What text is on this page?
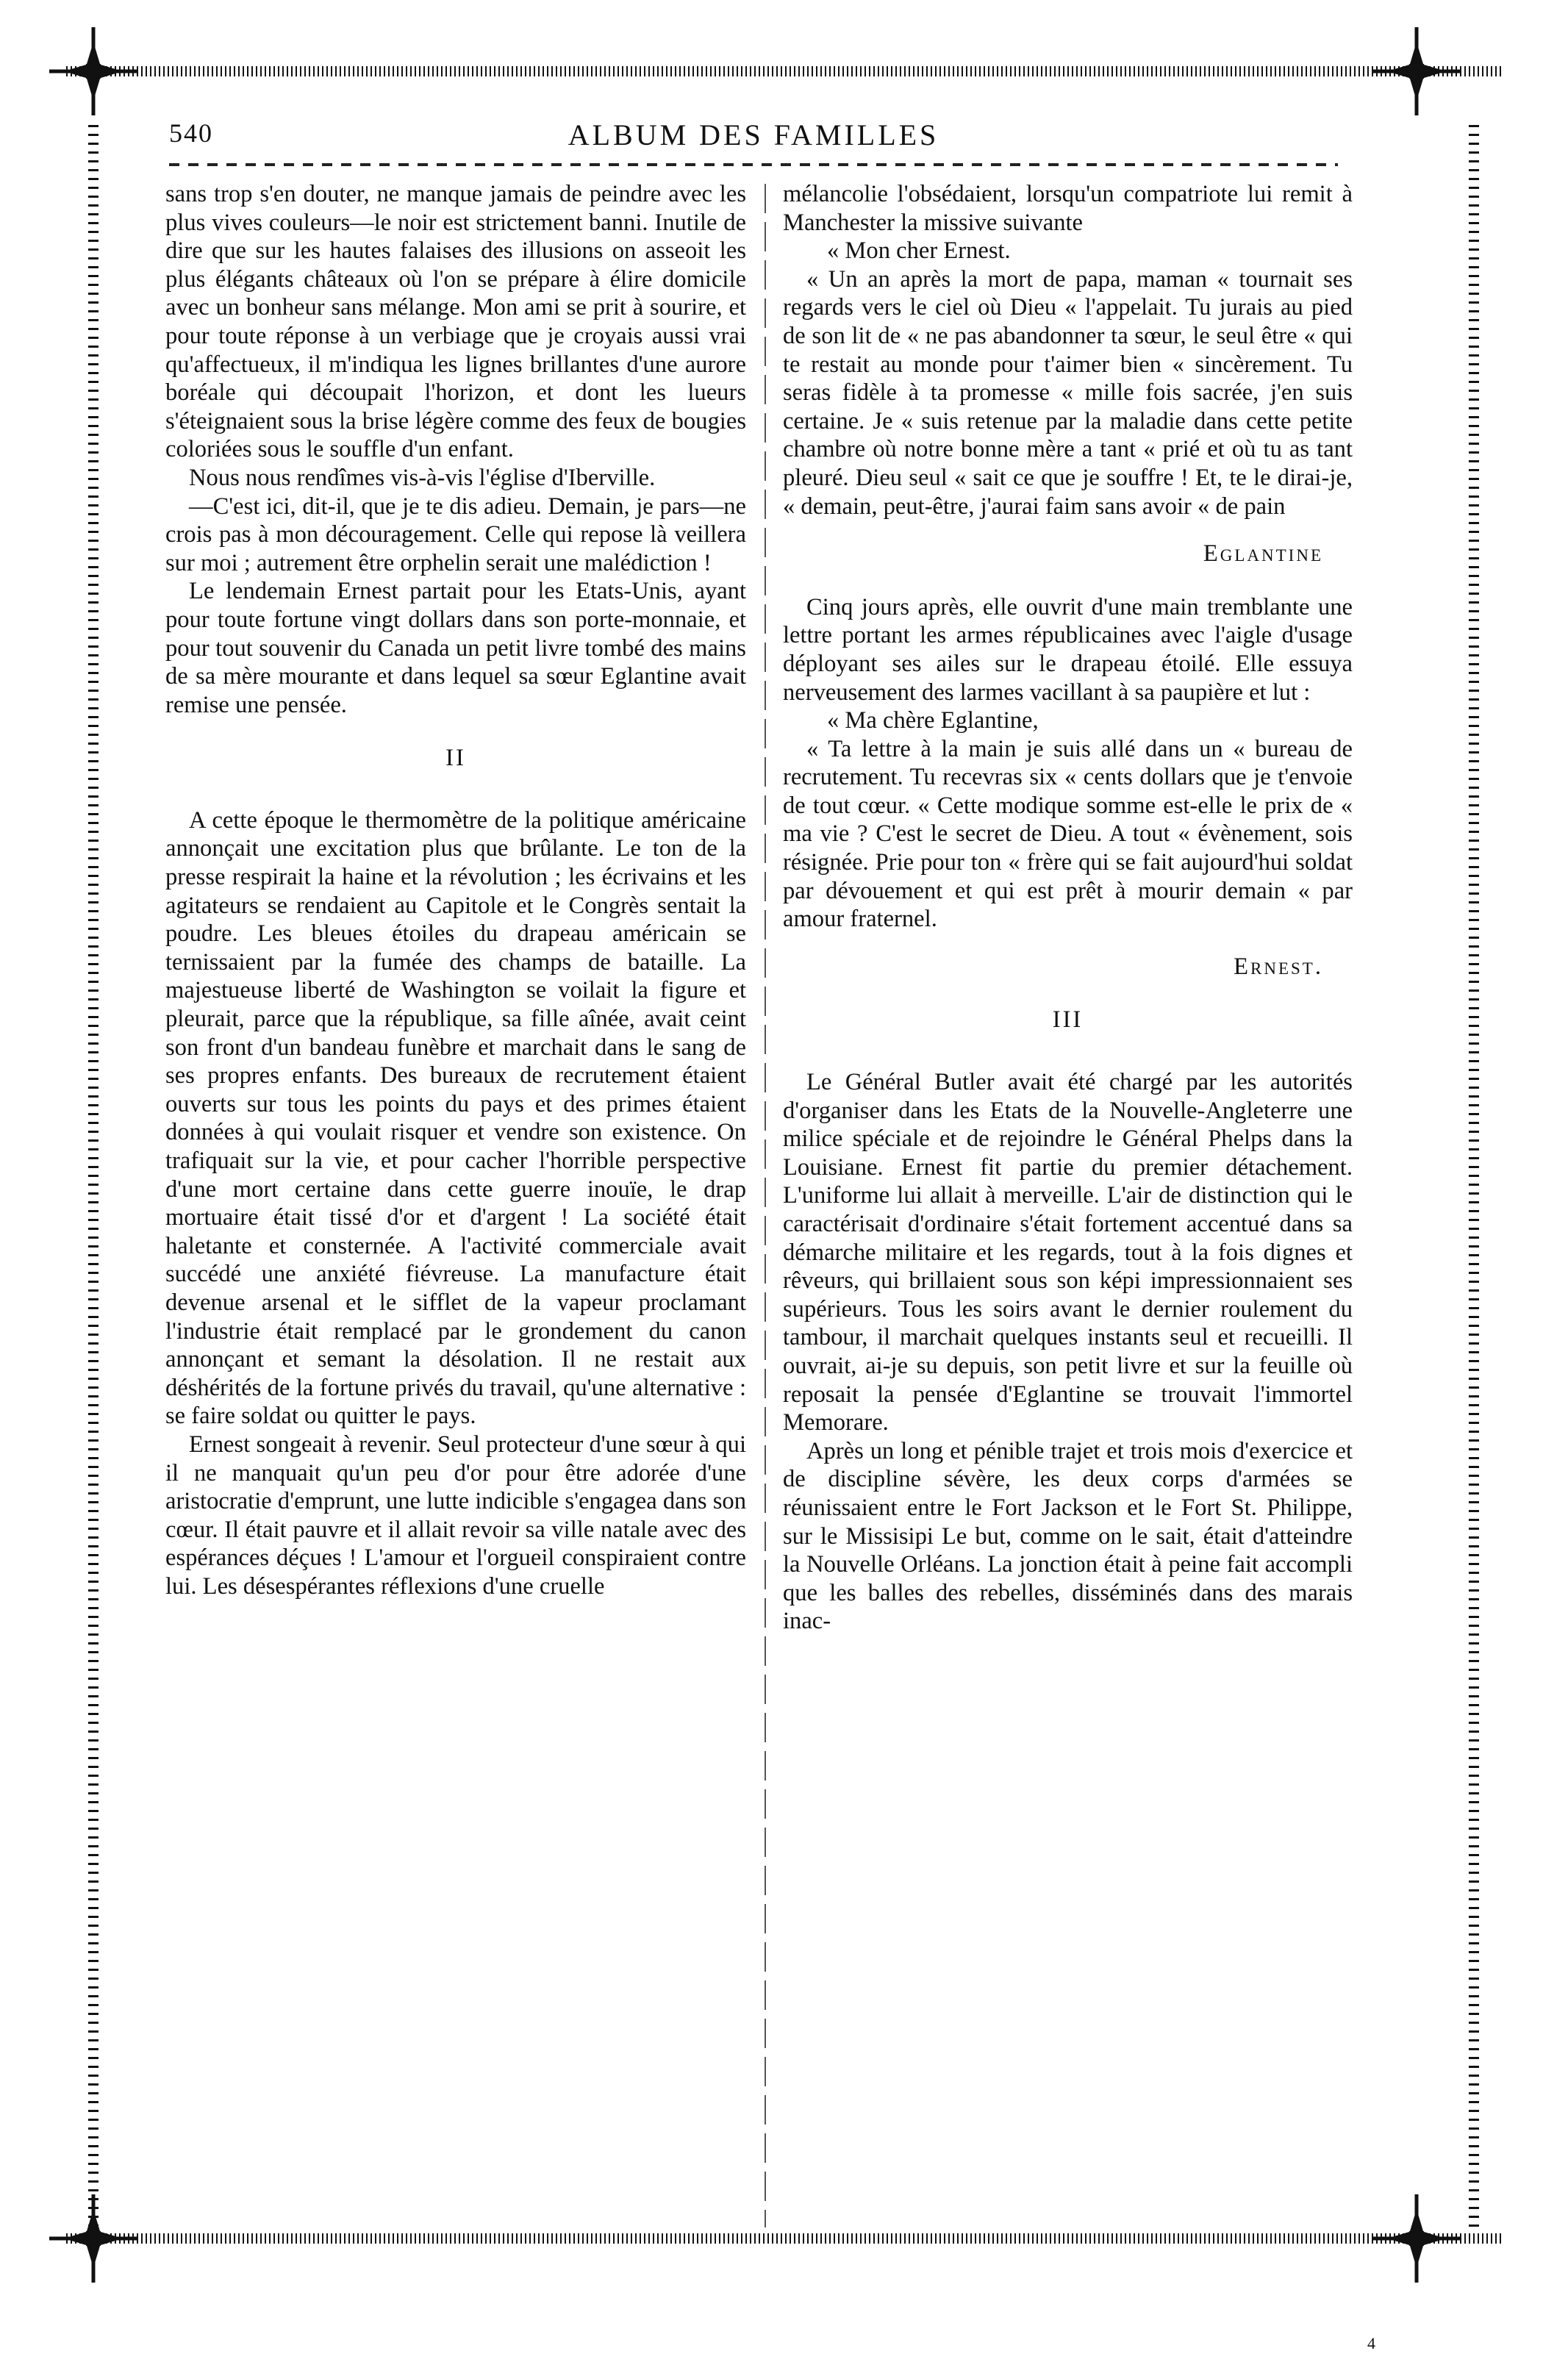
ALBUM DES FAMILLES
540

sans trop s'en douter, ne manque jamais de peindre avec les plus vives couleurs—le noir est strictement banni. Inutile de dire que sur les hautes falaises des illusions on asseoit les plus élégants châteaux où l'on se prépare à élire domicile avec un bonheur sans mélange. Mon ami se prit à sourire, et pour toute réponse à un verbiage que je croyais aussi vrai qu'affectueux, il m'indiqua les lignes brillantes d'une aurore boréale qui découpait l'horizon, et dont les lueurs s'éteignaient sous la brise légère comme des feux de bougies coloriées sous le souffle d'un enfant.

Nous nous rendîmes vis-à-vis l'église d'Iberville.

—C'est ici, dit-il, que je te dis adieu. Demain, je pars—ne crois pas à mon découragement. Celle qui repose là veillera sur moi ; autrement être orphelin serait une malédiction !

Le lendemain Ernest partait pour les Etats-Unis, ayant pour toute fortune vingt dollars dans son porte-monnaie, et pour tout souvenir du Canada un petit livre tombé des mains de sa mère mourante et dans lequel sa sœur Eglantine avait remise une pensée.

II

A cette époque le thermomètre de la politique américaine annonçait une excitation plus que brûlante. Le ton de la presse respirait la haine et la révolution ; les écrivains et les agitateurs se rendaient au Capitole et le Congrès sentait la poudre. Les bleues étoiles du drapeau américain se ternissaient par la fumée des champs de bataille. La majestueuse liberté de Washington se voilait la figure et pleurait, parce que la république, sa fille aînée, avait ceint son front d'un bandeau funèbre et marchait dans le sang de ses propres enfants. Des bureaux de recrutement étaient ouverts sur tous les points du pays et des primes étaient données à qui voulait risquer et vendre son existence. On trafiquait sur la vie, et pour cacher l'horrible perspective d'une mort certaine dans cette guerre inouïe, le drap mortuaire était tissé d'or et d'argent ! La société était haletante et consternée. A l'activité commerciale avait succédé une anxiété fiévreuse. La manufacture était devenue arsenal et le sifflet de la vapeur proclamant l'industrie était remplacé par le grondement du canon annonçant et semant la désolation. Il ne restait aux déshérités de la fortune privés du travail, qu'une alternative : se faire soldat ou quitter le pays.

Ernest songeait à revenir. Seul protecteur d'une sœur à qui il ne manquait qu'un peu d'or pour être adorée d'une aristocratie d'emprunt, une lutte indicible s'engagea dans son cœur. Il était pauvre et il allait revoir sa ville natale avec des espérances déçues ! L'amour et l'orgueil conspiraient contre lui. Les désespérantes réflexions d'une cruelle

mélancolie l'obsédaient, lorsqu'un compatriote lui remit à Manchester la missive suivante

« Mon cher Ernest.

« Un an après la mort de papa, maman « tournait ses regards vers le ciel où Dieu « l'appelait. Tu jurais au pied de son lit de « ne pas abandonner ta sœur, le seul être « qui te restait au monde pour t'aimer bien « sincèrement. Tu seras fidèle à ta promesse « mille fois sacrée, j'en suis certaine. Je « suis retenue par la maladie dans cette petite chambre où notre bonne mère a tant « prié et où tu as tant pleuré. Dieu seul « sait ce que je souffre ! Et, te le dirai-je, « demain, peut-être, j'aurai faim sans avoir « de pain

Eglantine

Cinq jours après, elle ouvrit d'une main tremblante une lettre portant les armes républicaines avec l'aigle d'usage déployant ses ailes sur le drapeau étoilé. Elle essuya nerveusement des larmes vacillant à sa paupière et lut :

« Ma chère Eglantine,

« Ta lettre à la main je suis allé dans un « bureau de recrutement. Tu recevras six « cents dollars que je t'envoie de tout cœur. « Cette modique somme est-elle le prix de « ma vie ? C'est le secret de Dieu. A tout « évènement, sois résignée. Prie pour ton « frère qui se fait aujourd'hui soldat par dévouement et qui est prêt à mourir demain « par amour fraternel.

Ernest.
III

Le Général Butler avait été chargé par les autorités d'organiser dans les Etats de la Nouvelle-Angleterre une milice spéciale et de rejoindre le Général Phelps dans la Louisiane. Ernest fit partie du premier détachement. L'uniforme lui allait à merveille. L'air de distinction qui le caractérisait d'ordinaire s'était fortement accentué dans sa démarche militaire et les regards, tout à la fois dignes et rêveurs, qui brillaient sous son képi impressionnaient ses supérieurs. Tous les soirs avant le dernier roulement du tambour, il marchait quelques instants seul et recueilli. Il ouvrait, ai-je su depuis, son petit livre et sur la feuille où reposait la pensée d'Eglantine se trouvait l'immortel Memorare.

Après un long et pénible trajet et trois mois d'exercice et de discipline sévère, les deux corps d'armées se réunissaient entre le Fort Jackson et le Fort St. Philippe, sur le Missisipi Le but, comme on le sait, était d'atteindre la Nouvelle Orléans. La jonction était à peine fait accompli que les balles des rebelles, disséminés dans des marais inac-

4
